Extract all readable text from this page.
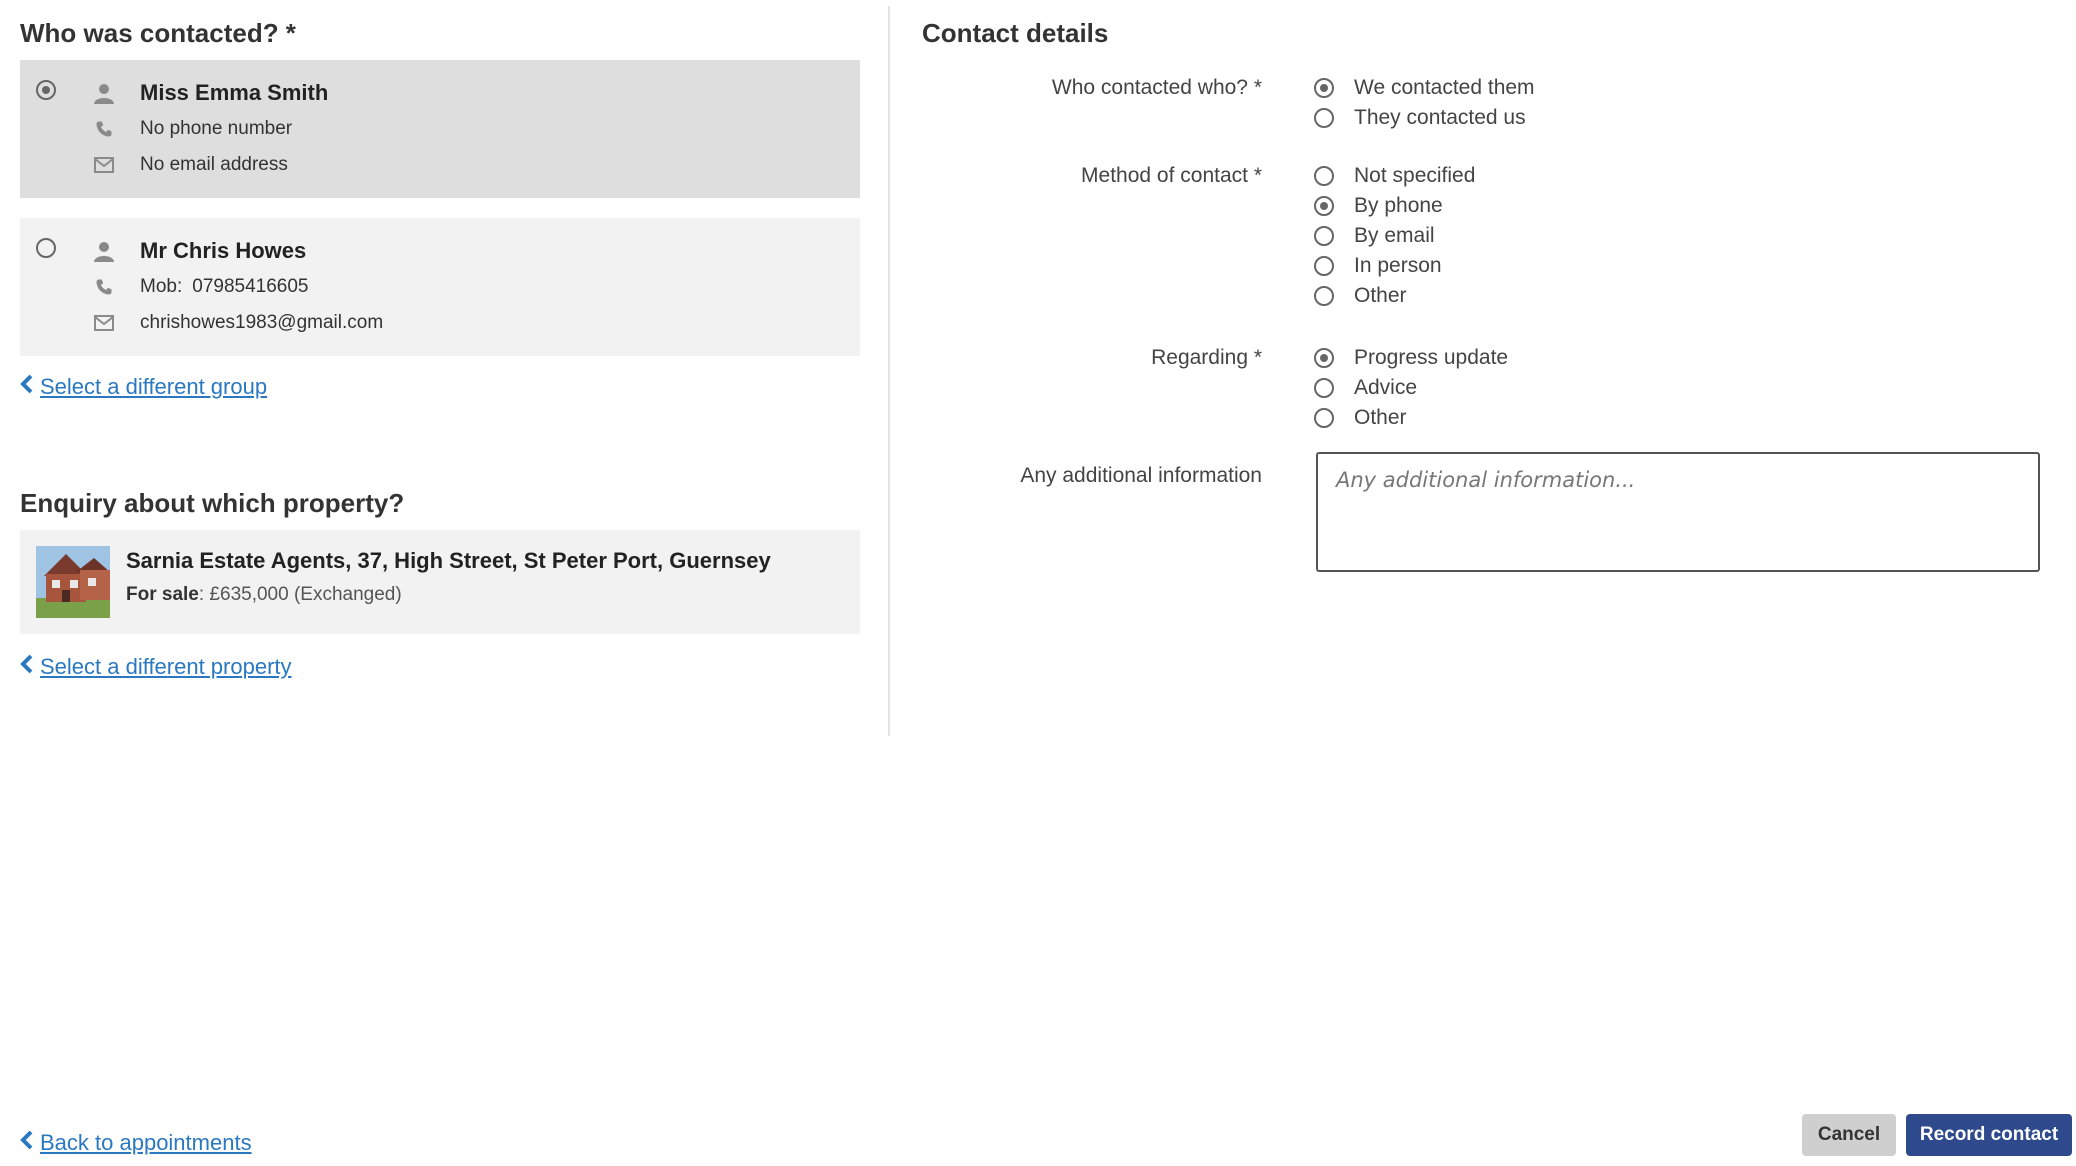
Who was contacted? *
Miss Emma Smith
No phone number
No email address
Mr Chris Howes
Mob: 07985416605
chrishowes1983@gmail.com
Select a different group
Enquiry about which property?
Sarnia Estate Agents, 37, High Street, St Peter Port, Guernsey
For sale: £635,000 (Exchanged)
Select a different property
Contact details
Who contacted who? *	We contacted them
They contacted us
Method of contact *	Not specified
By phone
By email
In person
Other
Regarding *	Progress update
Advice
Other
Any additional information	Any additional information...
Back to appointments	Cancel	Record contact
